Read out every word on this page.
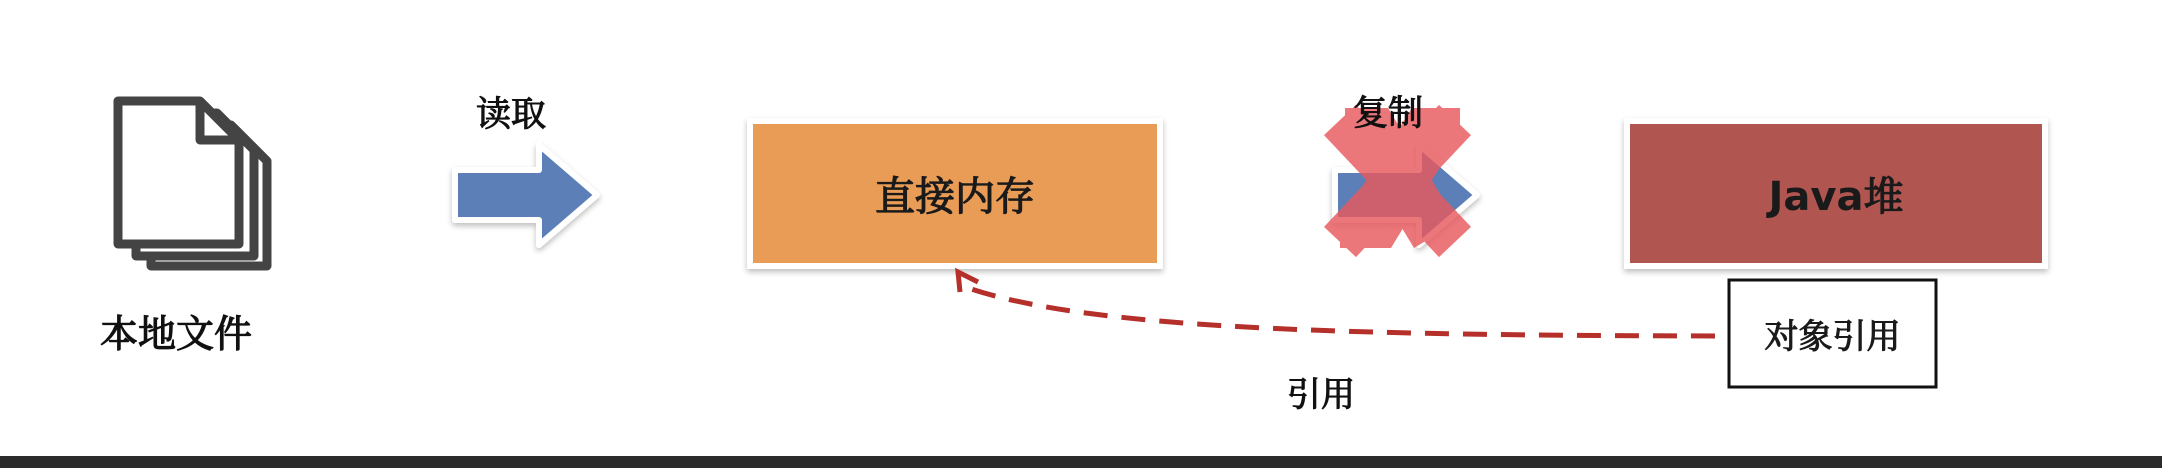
本地文件
读取
直接内存
复制
Java堆
对象引用
引用
